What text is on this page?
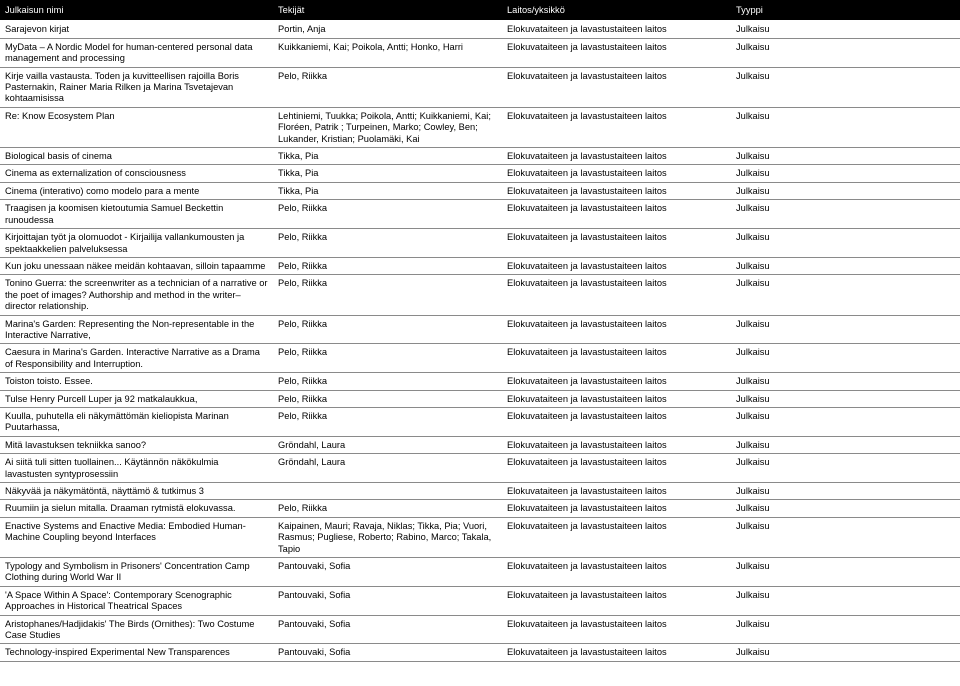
Julkaisun nimi	Tekijät	Laitos/yksikkö	Tyyppi
Sarajevon kirjat	Portin, Anja	Elokuvataiteen ja lavastustaiteen laitos	Julkaisu
MyData – A Nordic Model for human-centered personal data management and processing	Kuikkaniemi, Kai; Poikola, Antti; Honko, Harri	Elokuvataiteen ja lavastustaiteen laitos	Julkaisu
Kirje vailla vastausta. Toden ja kuvitteellisen rajoilla Boris Pasternakin, Rainer Maria Rilken ja Marina Tsvetajevan kohtaamisissa	Pelo, Riikka	Elokuvataiteen ja lavastustaiteen laitos	Julkaisu
Re: Know Ecosystem Plan	Lehtiniemi, Tuukka; Poikola, Antti; Kuikkaniemi, Kai; Floréen, Patrik ; Turpeinen, Marko; Cowley, Ben; Lukander, Kristian; Puolamäki, Kai	Elokuvataiteen ja lavastustaiteen laitos	Julkaisu
Biological basis of cinema	Tikka, Pia	Elokuvataiteen ja lavastustaiteen laitos	Julkaisu
Cinema as externalization of consciousness	Tikka, Pia	Elokuvataiteen ja lavastustaiteen laitos	Julkaisu
Cinema (interativo) como modelo para a mente	Tikka, Pia	Elokuvataiteen ja lavastustaiteen laitos	Julkaisu
Traagisen ja koomisen kietoutumia Samuel Beckettin runoudessa	Pelo, Riikka	Elokuvataiteen ja lavastustaiteen laitos	Julkaisu
Kirjoittajan työt ja olomuodot - Kirjailija vallankumousten ja spektaakkelien palveluksessa	Pelo, Riikka	Elokuvataiteen ja lavastustaiteen laitos	Julkaisu
Kun joku unessaan näkee meidän kohtaavan, silloin tapaamme	Pelo, Riikka	Elokuvataiteen ja lavastustaiteen laitos	Julkaisu
Tonino Guerra: the screenwriter as a technician of a narrative or the poet of images? Authorship and method in the writer–director relationship.	Pelo, Riikka	Elokuvataiteen ja lavastustaiteen laitos	Julkaisu
Marina's Garden: Representing the Non-representable in the Interactive Narrative,	Pelo, Riikka	Elokuvataiteen ja lavastustaiteen laitos	Julkaisu
Caesura in Marina's Garden. Interactive Narrative as a Drama of Responsibility and Interruption.	Pelo, Riikka	Elokuvataiteen ja lavastustaiteen laitos	Julkaisu
Toiston toisto. Essee.	Pelo, Riikka	Elokuvataiteen ja lavastustaiteen laitos	Julkaisu
Tulse Henry Purcell Luper ja 92 matkalaukkua,	Pelo, Riikka	Elokuvataiteen ja lavastustaiteen laitos	Julkaisu
Kuulla, puhutella eli näkymättömän kieliopista Marinan Puutarhassa,	Pelo, Riikka	Elokuvataiteen ja lavastustaiteen laitos	Julkaisu
Mitä lavastuksen tekniikka sanoo?	Gröndahl, Laura	Elokuvataiteen ja lavastustaiteen laitos	Julkaisu
Ai siitä tuli sitten tuollainen... Käytännön näkökulmia lavastusten syntyprosessiin	Gröndahl, Laura	Elokuvataiteen ja lavastustaiteen laitos	Julkaisu
Näkyvää ja näkymätöntä, näyttämö & tutkimus 3		Elokuvataiteen ja lavastustaiteen laitos	Julkaisu
Ruumiin ja sielun mitalla. Draaman rytmistä elokuvassa.	Pelo, Riikka	Elokuvataiteen ja lavastustaiteen laitos	Julkaisu
Enactive Systems and Enactive Media: Embodied Human-Machine Coupling beyond Interfaces	Kaipainen, Mauri; Ravaja, Niklas; Tikka, Pia; Vuori, Rasmus; Pugliese, Roberto; Rabino, Marco; Takala, Tapio	Elokuvataiteen ja lavastustaiteen laitos	Julkaisu
Typology and Symbolism in Prisoners' Concentration Camp Clothing during World War II	Pantouvaki, Sofia	Elokuvataiteen ja lavastustaiteen laitos	Julkaisu
'A Space Within A Space': Contemporary Scenographic Approaches in Historical Theatrical Spaces	Pantouvaki, Sofia	Elokuvataiteen ja lavastustaiteen laitos	Julkaisu
Aristophanes/Hadjidakis' The Birds (Ornithes): Two Costume Case Studies	Pantouvaki, Sofia	Elokuvataiteen ja lavastustaiteen laitos	Julkaisu
Technology-inspired Experimental New Transparences	Pantouvaki, Sofia	Elokuvataiteen ja lavastustaiteen laitos	Julkaisu
